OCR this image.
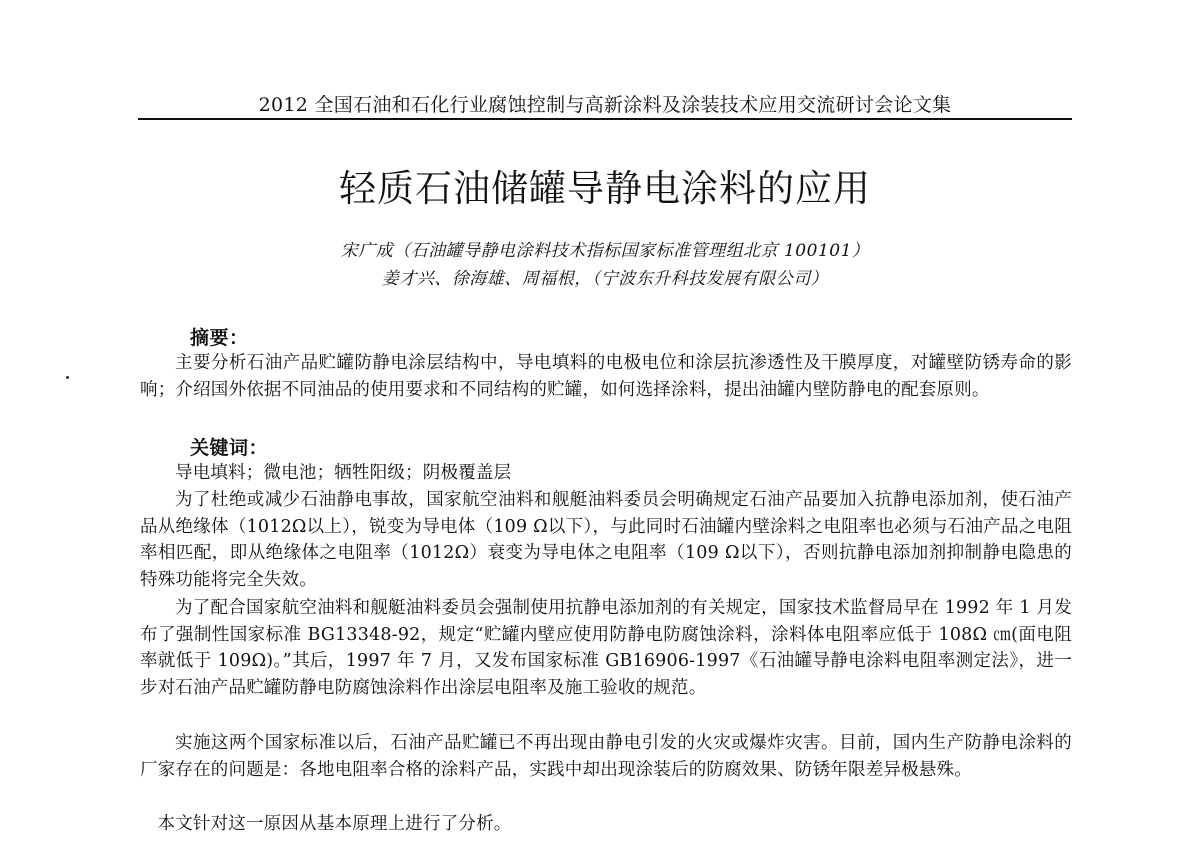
2012 全国石油和石化行业腐蚀控制与高新涂料及涂装技术应用交流研讨会论文集
轻质石油储罐导静电涂料的应用
宋广成（石油罐导静电涂料技术指标国家标准管理组北京 100101）
姜才兴、徐海雄、周福根，（宁波东升科技发展有限公司）
摘要：
主要分析石油产品贮罐防静电涂层结构中，导电填料的电极电位和涂层抗渗透性及干膜厚度，对罐壁防锈寿命的影响；介绍国外依据不同油品的使用要求和不同结构的贮罐，如何选择涂料，提出油罐内壁防静电的配套原则。
关键词：
导电填料；微电池；牺牲阳级；阴极覆盖层
为了杜绝或减少石油静电事故，国家航空油料和舰艇油料委员会明确规定石油产品要加入抗静电添加剂，使石油产品从绝缘体（1012Ω以上），锐变为导电体（109 Ω以下），与此同时石油罐内壁涂料之电阻率也必须与石油产品之电阻率相匹配，即从绝缘体之电阻率（1012Ω）衰变为导电体之电阻率（109 Ω以下），否则抗静电添加剂抑制静电隐患的特殊功能将完全失效。
为了配合国家航空油料和舰艇油料委员会强制使用抗静电添加剂的有关规定，国家技术监督局早在 1992 年 1 月发布了强制性国家标准 BG13348-92，规定“贮罐内壁应使用防静电防腐蚀涂料，涂料体电阻率应低于 108Ω ㎝(面电阻率就低于 109Ω)。”其后，1997 年 7 月，又发布国家标准 GB16906-1997《石油罐导静电涂料电阻率测定法》，进一步对石油产品贮罐防静电防腐蚀涂料作出涂层电阻率及施工验收的规范。
实施这两个国家标准以后，石油产品贮罐已不再出现由静电引发的火灾或爆炸灾害。目前，国内生产防静电涂料的厂家存在的问题是：各地电阻率合格的涂料产品，实践中却出现涂装后的防腐效果、防锈年限差异极悬殊。
本文针对这一原因从基本原理上进行了分析。
